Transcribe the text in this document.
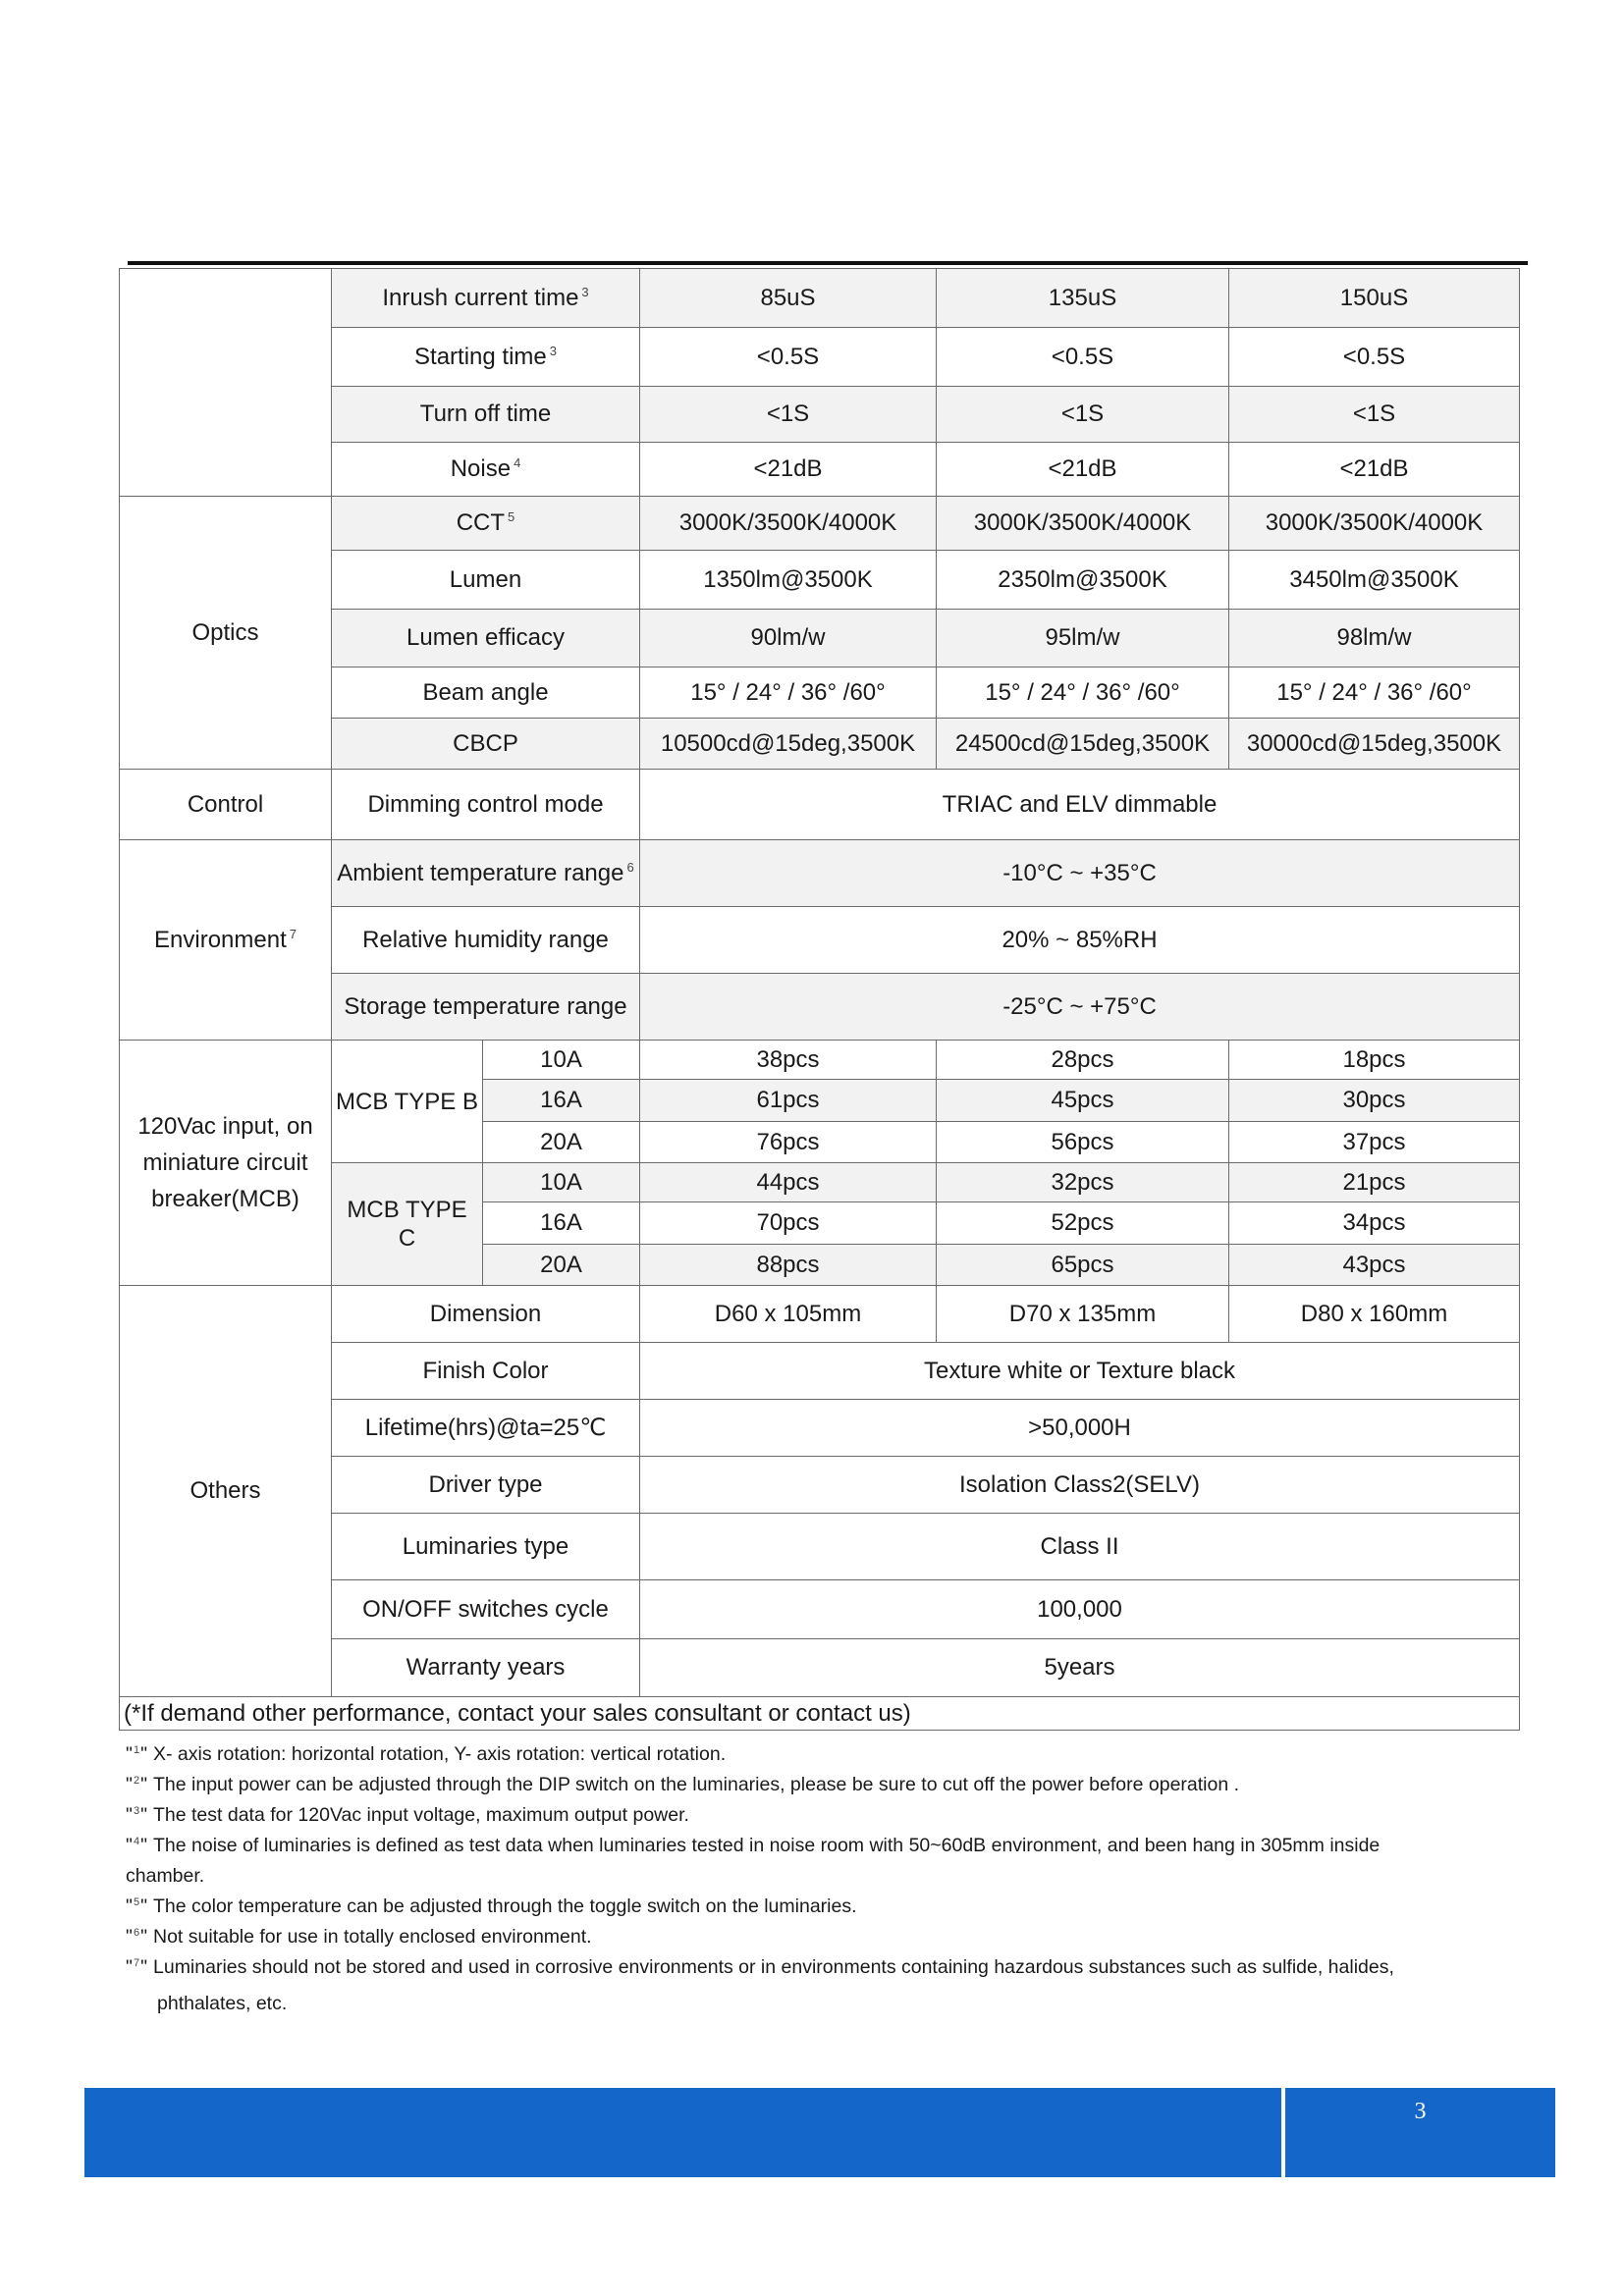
	Inrush current time $^3$		85uS	135uS	150uS
	Starting time $^3$		<0.5S	<0.5S	<0.5S
	Turn off time		<1S	<1S	<1S
	Noise $^4$		<21dB	<21dB	<21dB
Optics	CCT $^5$		3000K/3500K/4000K	3000K/3500K/4000K	3000K/3500K/4000K
	Lumen		1350lm@3500K	2350lm@3500K	3450lm@3500K
	Lumen efficacy		90lm/w	95lm/w	98lm/w
	Beam angle		15° / 24° / 36° /60°	15° / 24° / 36° /60°	15° / 24° / 36° /60°
	CBCP		10500cd@15deg,3500K	24500cd@15deg,3500K	30000cd@15deg,3500K
Control	Dimming control mode		TRIAC and ELV dimmable		
Environment $^7$	Ambient temperature range $^6$		-10°C ~ +35°C		
	Relative humidity range		20% ~ 85%RH		
	Storage temperature range		-25°C ~ +75°C		
120Vac input, on miniature circuit breaker(MCB)	MCB TYPE B	10A	38pcs	28pcs	18pcs
		16A	61pcs	45pcs	30pcs
		20A	76pcs	56pcs	37pcs
	MCB TYPE C	10A	44pcs	32pcs	21pcs
		16A	70pcs	52pcs	34pcs
		20A	88pcs	65pcs	43pcs
Others	Dimension		D60 x 105mm	D70 x 135mm	D80 x 160mm
	Finish Color		Texture white or Texture black		
	Lifetime(hrs)@ta=25℃		>50,000H		
	Driver type		Isolation Class2(SELV)		
	Luminaries type		Class II		
	ON/OFF switches cycle		100,000		
	Warranty years		5years		
(*If demand other performance, contact your sales consultant or contact us)					
"$^1$" X- axis rotation: horizontal rotation, Y- axis rotation: vertical rotation.
"$^2$" The input power can be adjusted through the DIP switch on the luminaries, please be sure to cut off the power before operation .
"$^3$" The test data for 120Vac input voltage, maximum output power.
"$^4$" The noise of luminaries is defined as test data when luminaries tested in noise room with 50~60dB environment, and been hang in 305mm inside
chamber.
"$^5$" The color temperature can be adjusted through the toggle switch on the luminaries.
"$^6$" Not suitable for use in totally enclosed environment.
"$^7$" Luminaries should not be stored and used in corrosive environments or in environments containing hazardous substances such as sulfide, halides,
phthalates, etc.
3
